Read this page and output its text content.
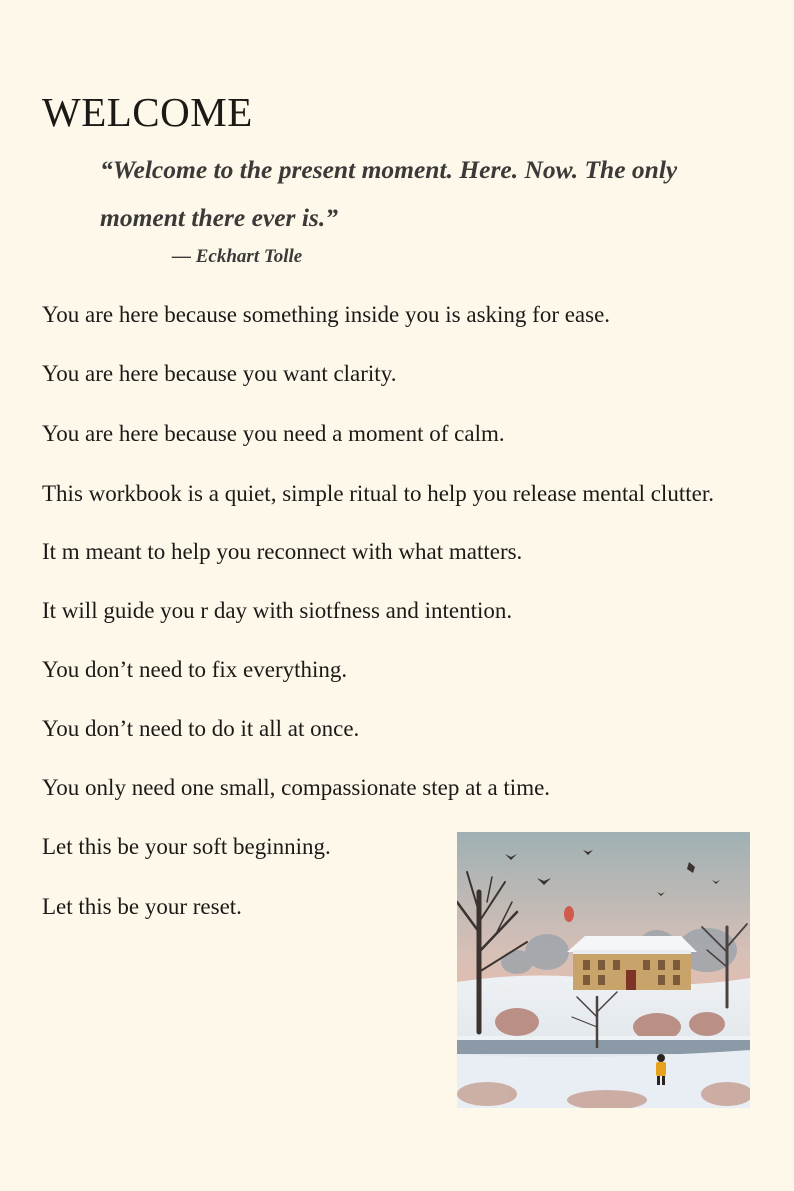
WELCOME
“Welcome to the present moment. Here. Now. The only moment there ever is.”
— Eckhart Tolle
You are here because something inside you is asking for ease.
You are here because you want clarity.
You are here because you need a moment of calm.
This workbook is a quiet, simple ritual to help you release mental clutter.
It m meant to help you reconnect with what matters.
It will guide you r day with siotfness and intention.
You don’t need to fix everything.
You don’t need to do it all at once.
You only need one small, compassionate step at a time.
Let this be your soft beginning.
Let this be your reset.
